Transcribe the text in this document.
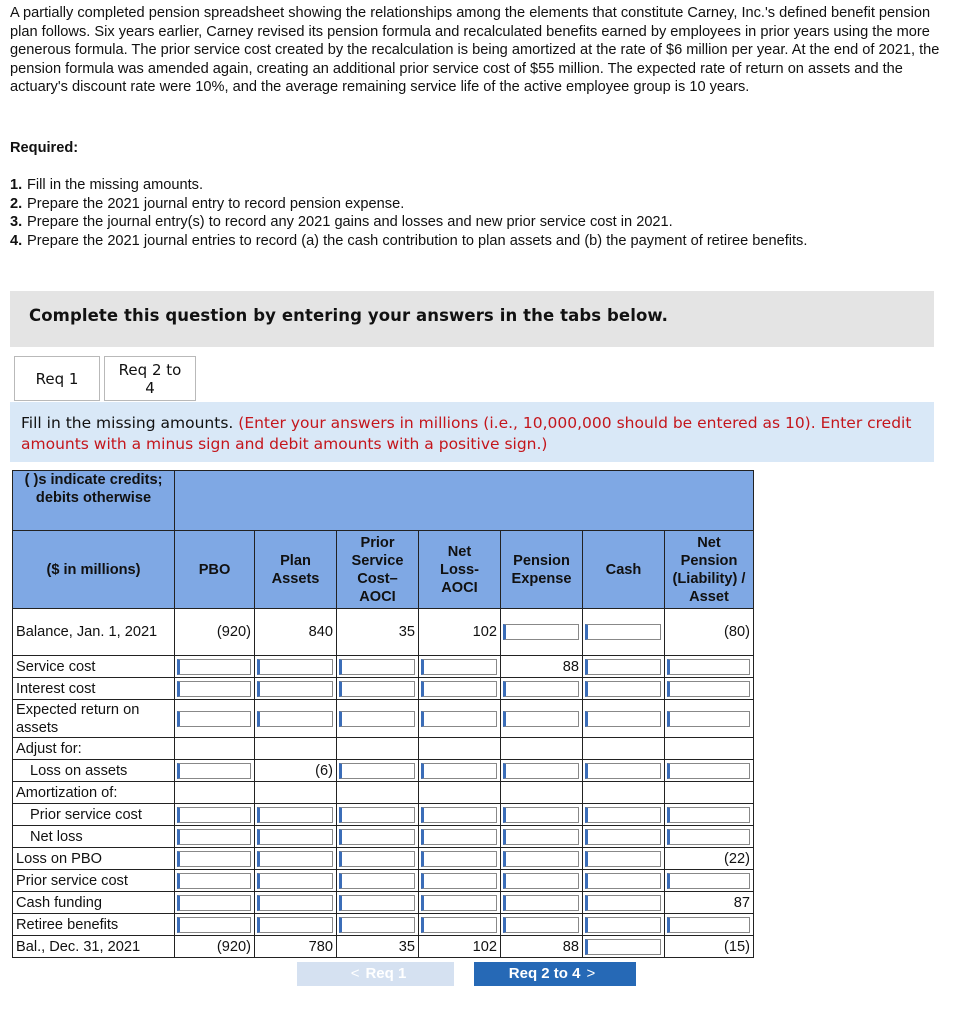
A partially completed pension spreadsheet showing the relationships among the elements that constitute Carney, Inc.'s defined benefit pension plan follows. Six years earlier, Carney revised its pension formula and recalculated benefits earned by employees in prior years using the more generous formula. The prior service cost created by the recalculation is being amortized at the rate of $6 million per year. At the end of 2021, the pension formula was amended again, creating an additional prior service cost of $55 million. The expected rate of return on assets and the actuary's discount rate were 10%, and the average remaining service life of the active employee group is 10 years.

Required:

1. Fill in the missing amounts.
2. Prepare the 2021 journal entry to record pension expense.
3. Prepare the journal entry(s) to record any 2021 gains and losses and new prior service cost in 2021.
4. Prepare the 2021 journal entries to record (a) the cash contribution to plan assets and (b) the payment of retiree benefits.
Complete this question by entering your answers in the tabs below.
Req 1	Req 2 to
4

Fill in the missing amounts. (Enter your answers in millions (i.e., 10,000,000 should be entered as 10). Enter credit amounts with a minus sign and debit amounts with a positive sign.)

( )s indicate credits; debits otherwise							
($ in millions)	PBO	Plan Assets	Prior Service Cost–AOCI	Net Loss-AOCI	Pension Expense	Cash	Net Pension (Liability) / Asset
Balance, Jan. 1, 2021	(920)	840	35	102			(80)
Service cost					88	

Interest cost	

Expected return on assets	

Adjust for:							
Loss on assets		(6)	

Amortization of:							
Prior service cost	

Net loss	

Loss on PBO							(22)
Prior service cost	

Cash funding							87
Retiree benefits	

Bal., Dec. 31, 2021	(920)	780	35	102	88		(15)
< Req 1	Req 2 to 4 >
